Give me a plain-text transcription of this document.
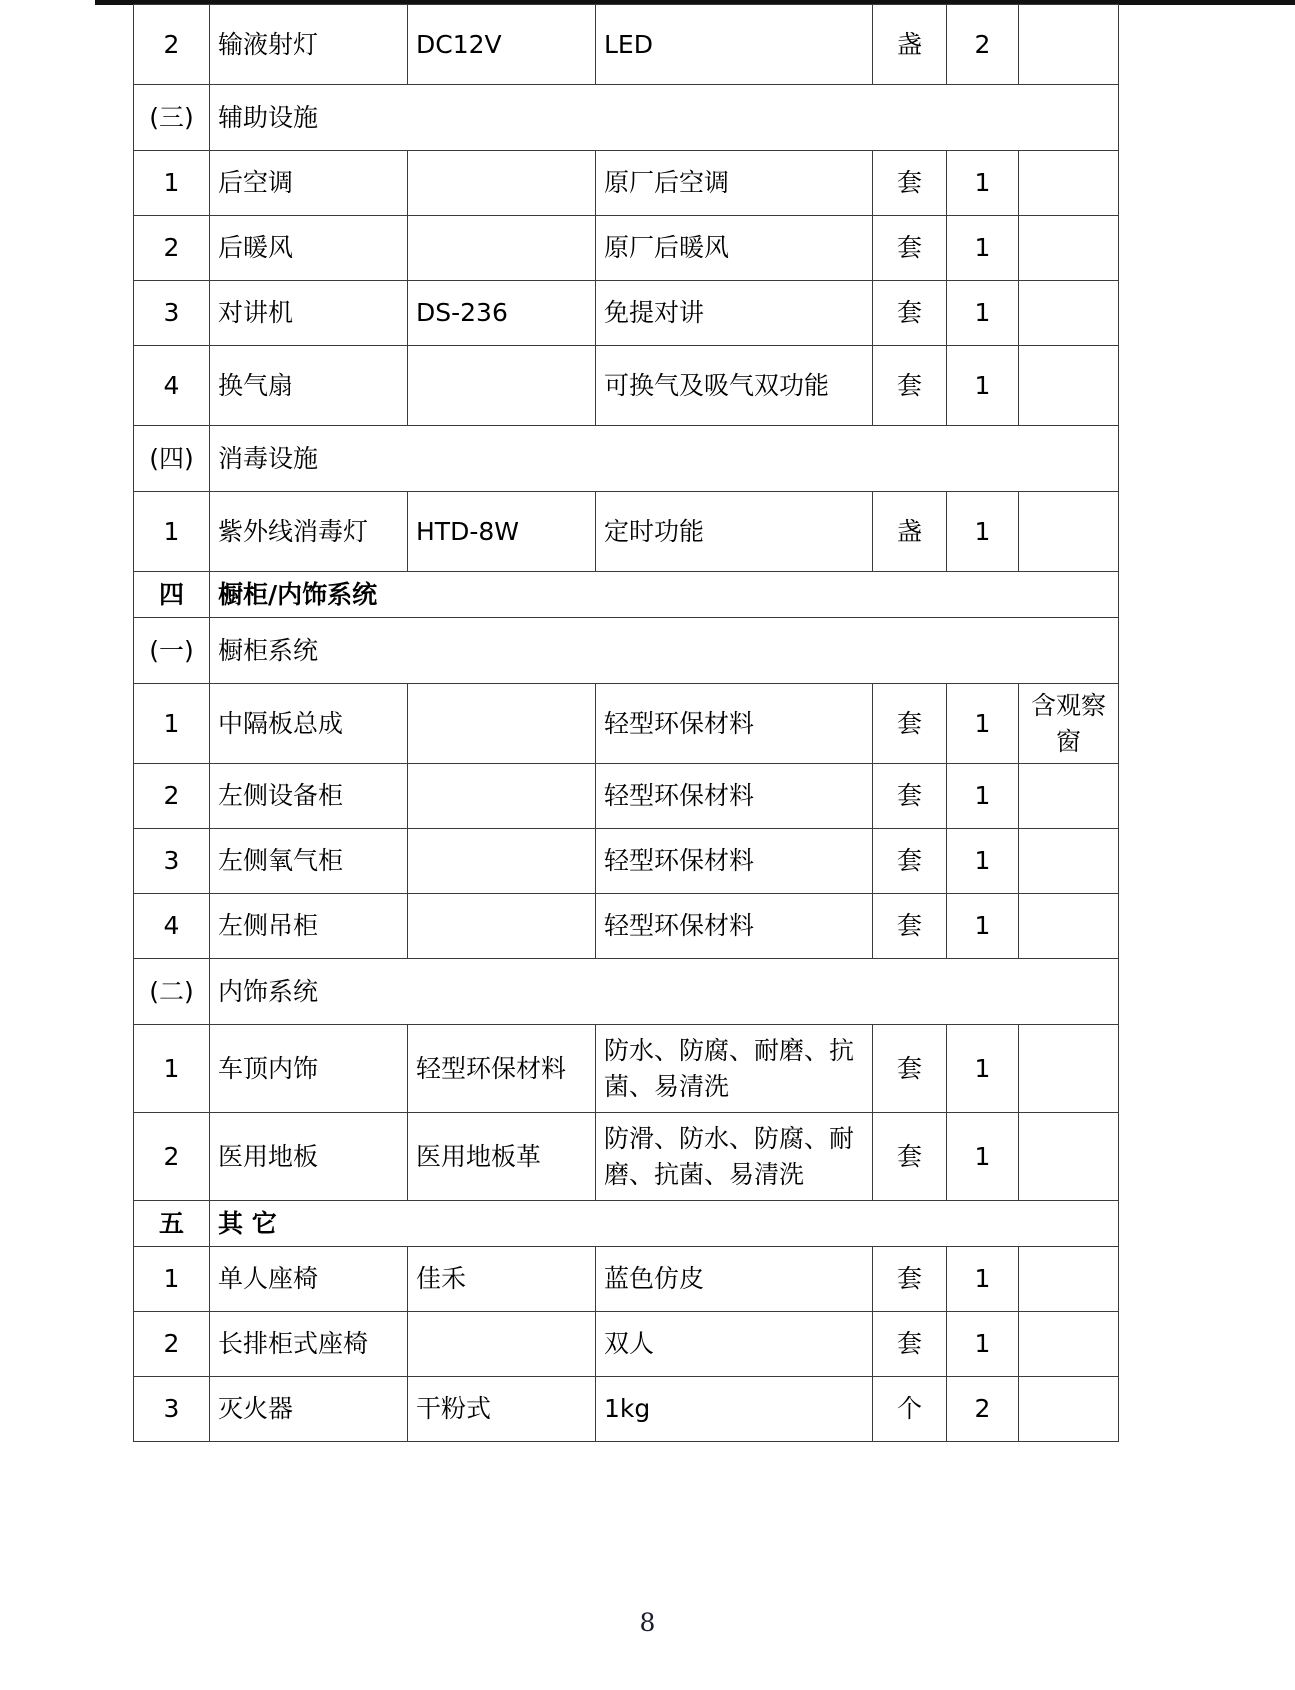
2	输液射灯	DC12V	LED	盏	2	
(三)	辅助设施					
1	后空调		原厂后空调	套	1	
2	后暖风		原厂后暖风	套	1	
3	对讲机	DS-236	免提对讲	套	1	
4	换气扇		可换气及吸气双功能	套	1	
(四)	消毒设施					
1	紫外线消毒灯	HTD-8W	定时功能	盏	1	
四	橱柜/内饰系统					
(一)	橱柜系统					
1	中隔板总成		轻型环保材料	套	1	含观察窗
2	左侧设备柜		轻型环保材料	套	1	
3	左侧氧气柜		轻型环保材料	套	1	
4	左侧吊柜		轻型环保材料	套	1	
(二)	内饰系统					
1	车顶内饰	轻型环保材料	防水、防腐、耐磨、抗菌、易清洗	套	1	
2	医用地板	医用地板革	防滑、防水、防腐、耐磨、抗菌、易清洗	套	1	
五	其 它					
1	单人座椅	佳禾	蓝色仿皮	套	1	
2	长排柜式座椅		双人	套	1	
3	灭火器	干粉式	1kg	个	2	
8
